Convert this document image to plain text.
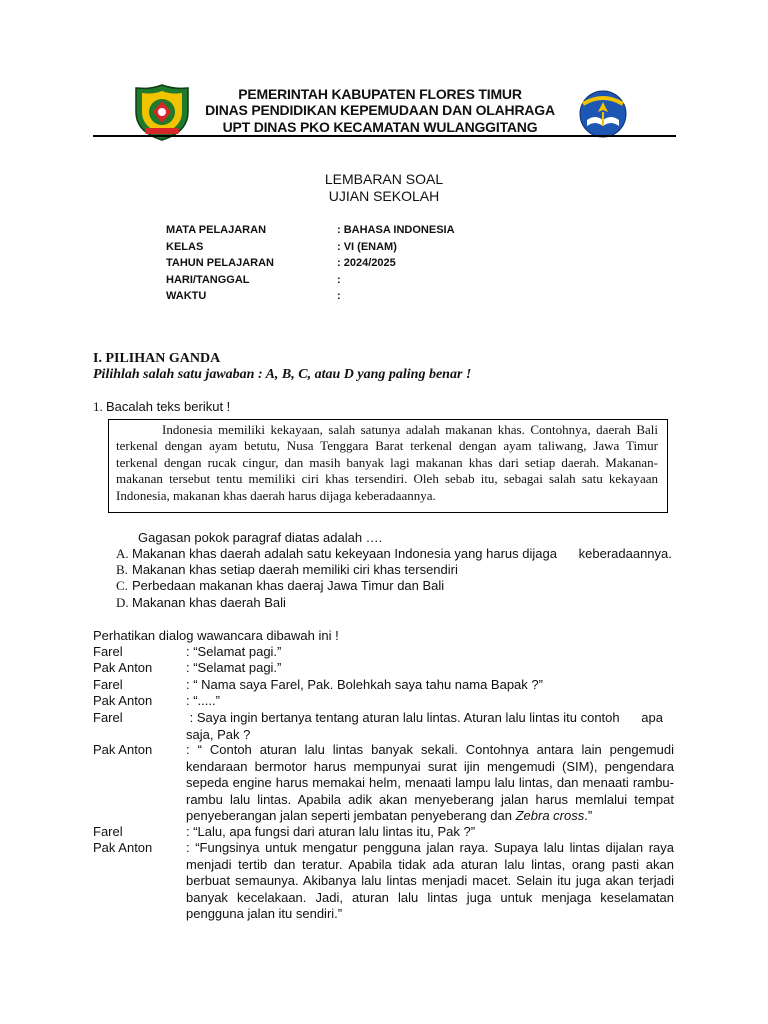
PEMERINTAH KABUPATEN FLORES TIMUR
DINAS PENDIDIKAN KEPEMUDAAN DAN OLAHRAGA
UPT DINAS PKO KECAMATAN WULANGGITANG
LEMBARAN SOAL
UJIAN SEKOLAH
MATA PELAJARAN	: BAHASA INDONESIA
KELAS	: VI (ENAM)
TAHUN PELAJARAN	: 2024/2025
HARI/TANGGAL	:
WAKTU	:
I. PILIHAN GANDA
Pilihlah salah satu jawaban : A, B, C, atau D yang paling benar !
1. Bacalah teks berikut !
Indonesia memiliki kekayaan, salah satunya adalah makanan khas. Contohnya, daerah Bali terkenal dengan ayam betutu, Nusa Tenggara Barat terkenal dengan ayam taliwang, Jawa Timur terkenal dengan rucak cingur, dan masih banyak lagi makanan khas dari setiap daerah. Makanan-makanan tersebut tentu memiliki ciri khas tersendiri. Oleh sebab itu, sebagai salah satu kekayaan Indonesia, makanan khas daerah harus dijaga keberadaannya.
Gagasan pokok paragraf diatas adalah ….
A. Makanan khas daerah adalah satu kekeyaan Indonesia yang harus dijaga      keberadaannya.
B. Makanan khas setiap daerah memiliki ciri khas tersendiri
C. Perbedaan makanan khas daeraj Jawa Timur dan Bali
D. Makanan khas daerah Bali
Perhatikan dialog wawancara dibawah ini !
Farel	: “Selamat pagi.”
Pak Anton	: “Selamat pagi.”
Farel	: “ Nama saya Farel, Pak. Bolehkah saya tahu nama Bapak ?”
Pak Anton	: “.....”
Farel	: Saya ingin bertanya tentang aturan lalu lintas. Aturan lalu lintas itu contoh      apa saja, Pak ?
Pak Anton	: “ Contoh aturan lalu lintas banyak sekali. Contohnya antara lain pengemudi kendaraan bermotor harus mempunyai surat ijin mengemudi (SIM), pengendara sepeda engine harus memakai helm, menaati lampu lalu lintas, dan menaati rambu-rambu lalu lintas. Apabila adik akan menyeberang jalan harus memlalui tempat penyeberangan jalan seperti jembatan penyeberang dan Zebra cross.”
Farel	: “Lalu, apa fungsi dari aturan lalu lintas itu, Pak ?”
Pak Anton	: “Fungsinya untuk mengatur pengguna jalan raya. Supaya lalu lintas dijalan raya menjadi tertib dan teratur. Apabila tidak ada aturan lalu lintas, orang pasti akan berbuat semaunya. Akibanya lalu lintas menjadi macet. Selain itu juga akan terjadi banyak kecelakaan. Jadi, aturan lalu lintas juga untuk menjaga keselamatan pengguna jalan itu sendiri.”
